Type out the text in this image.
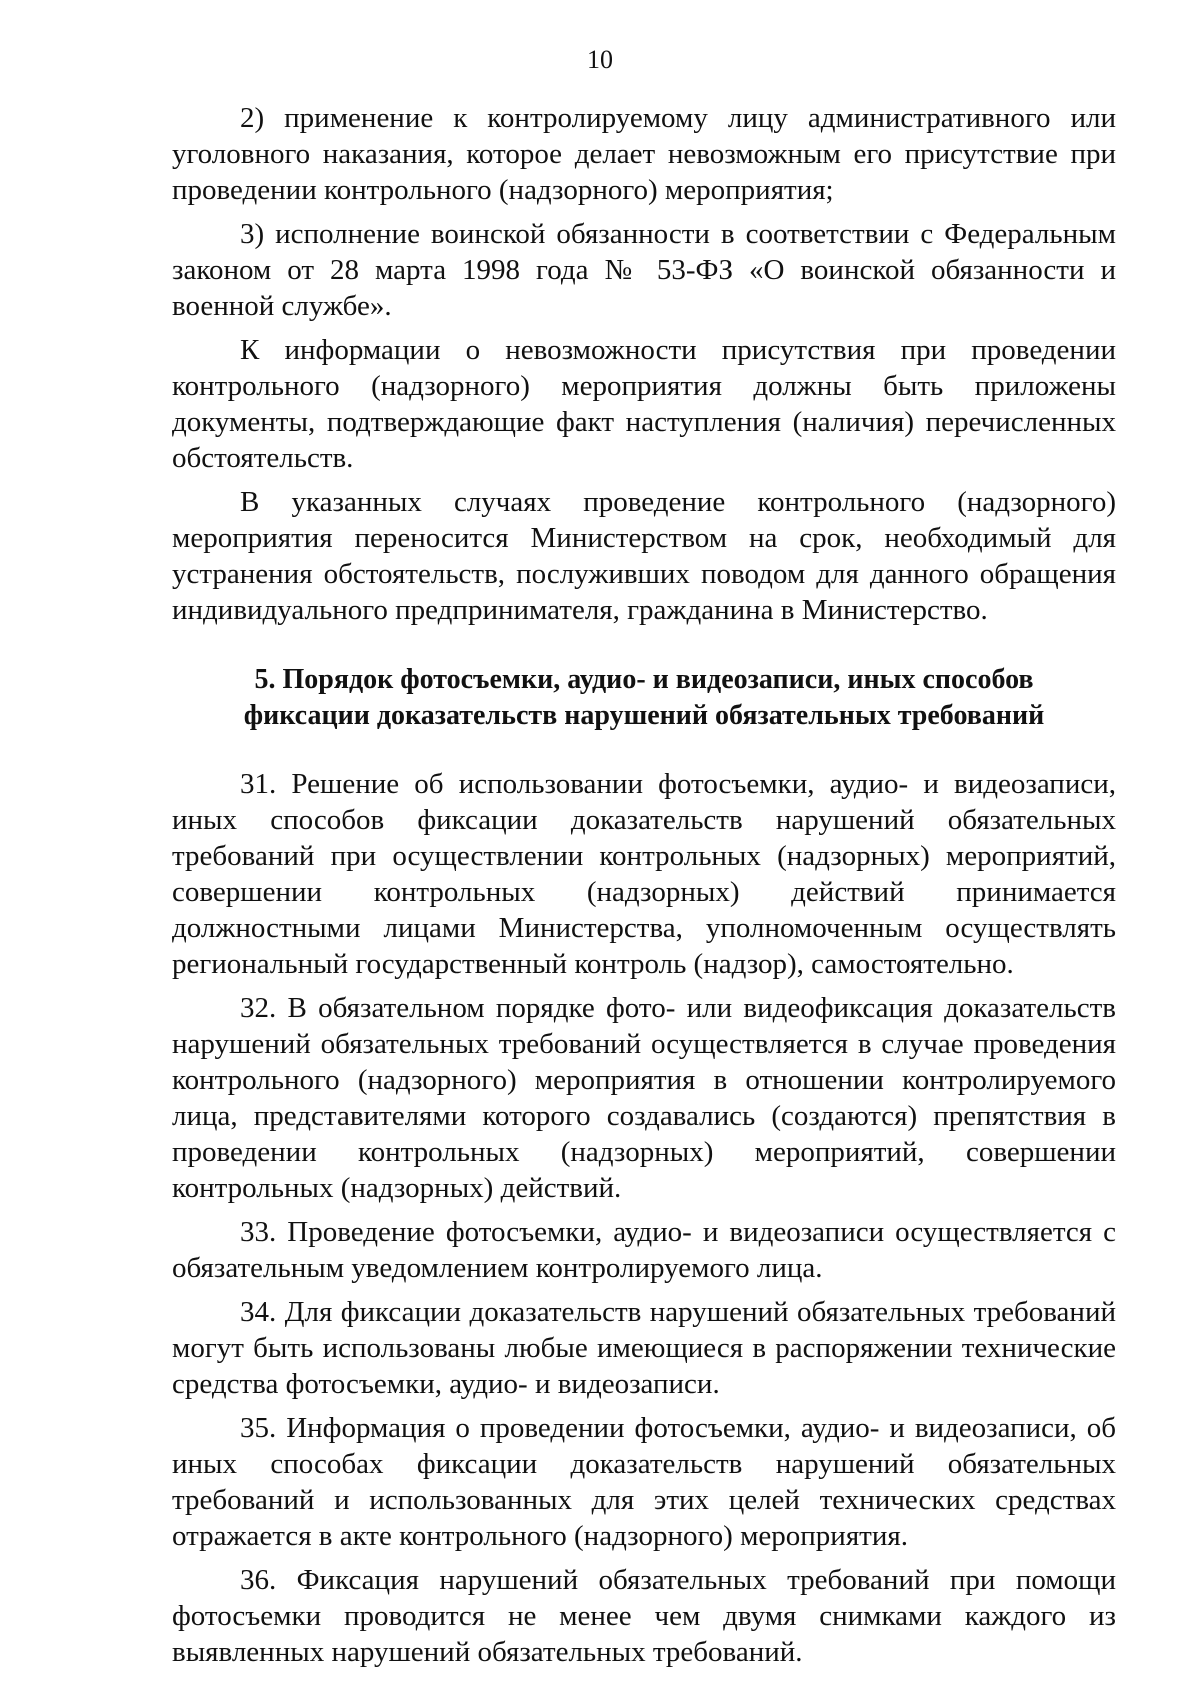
10

2) применение к контролируемому лицу административного или уголовного наказания, которое делает невозможным его присутствие при проведении контрольного (надзорного) мероприятия;

3) исполнение воинской обязанности в соответствии с Федеральным законом от 28 марта 1998 года № 53-ФЗ «О воинской обязанности и военной службе».

К информации о невозможности присутствия при проведении контрольного (надзорного) мероприятия должны быть приложены документы, подтверждающие факт наступления (наличия) перечисленных обстоятельств.

В указанных случаях проведение контрольного (надзорного) мероприятия переносится Министерством на срок, необходимый для устранения обстоятельств, послуживших поводом для данного обращения индивидуального предпринимателя, гражданина в Министерство.

5. Порядок фотосъемки, аудио- и видеозаписи, иных способов
фиксации доказательств нарушений обязательных требований

31. Решение об использовании фотосъемки, аудио- и видеозаписи, иных способов фиксации доказательств нарушений обязательных требований при осуществлении контрольных (надзорных) мероприятий, совершении контрольных (надзорных) действий принимается должностными лицами Министерства, уполномоченным осуществлять региональный государственный контроль (надзор), самостоятельно.

32. В обязательном порядке фото- или видеофиксация доказательств нарушений обязательных требований осуществляется в случае проведения контрольного (надзорного) мероприятия в отношении контролируемого лица, представителями которого создавались (создаются) препятствия в проведении контрольных (надзорных) мероприятий, совершении контрольных (надзорных) действий.

33. Проведение фотосъемки, аудио- и видеозаписи осуществляется с обязательным уведомлением контролируемого лица.

34. Для фиксации доказательств нарушений обязательных требований могут быть использованы любые имеющиеся в распоряжении технические средства фотосъемки, аудио- и видеозаписи.

35. Информация о проведении фотосъемки, аудио- и видеозаписи, об иных способах фиксации доказательств нарушений обязательных требований и использованных для этих целей технических средствах отражается в акте контрольного (надзорного) мероприятия.

36. Фиксация нарушений обязательных требований при помощи фотосъемки проводится не менее чем двумя снимками каждого из выявленных нарушений обязательных требований.
